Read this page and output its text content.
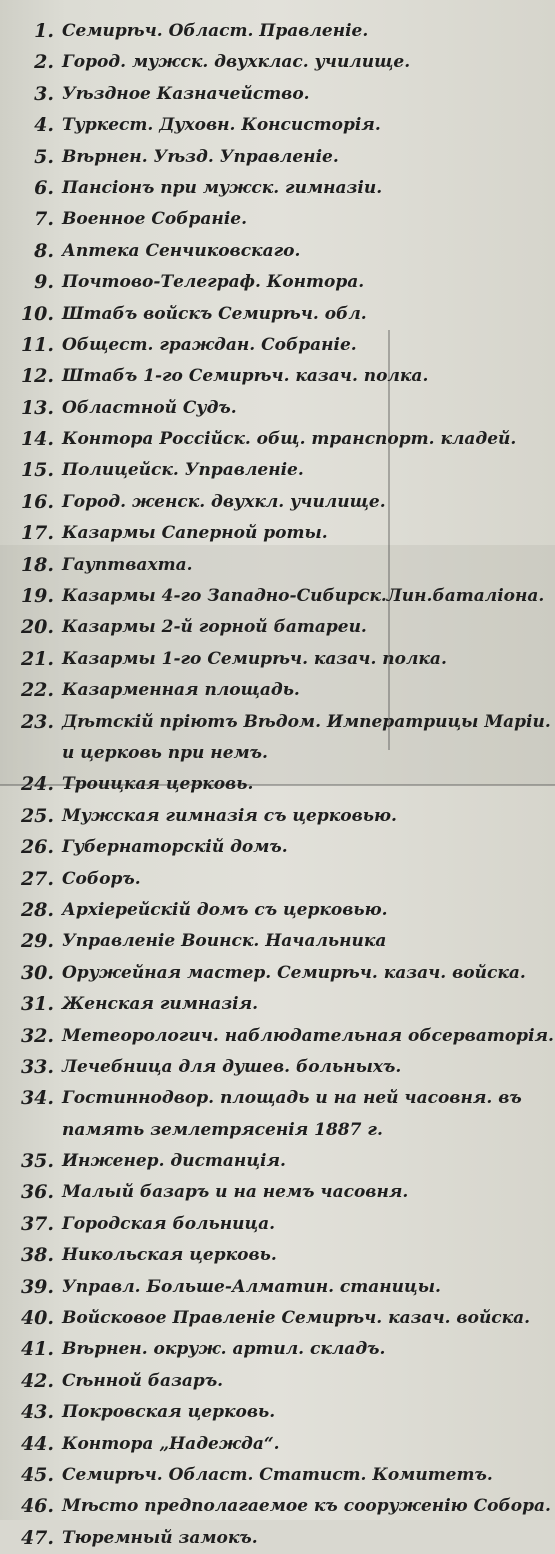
1. Семирѣч. Област. Правленіе.
2. Город. мужск. двухклас. училище.
3. Уѣздное Казначейство.
4. Туркест. Духовн. Консисторія.
5. Вѣрнен. Уѣзд. Управленіе.
6. Пансіонъ при мужск. гимназіи.
7. Военное Собраніе.
8. Аптека Сенчиковскаго.
9. Почтово-Телеграф. Контора.
10. Штабъ войскъ Семирѣч. обл.
11. Общест. граждан. Собраніе.
12. Штабъ 1-го Семирѣч. казач. полка.
13. Областной Судъ.
14. Контора Россійск. общ. транспорт. кладей.
15. Полицейск. Управленіе.
16. Город. женск. двухкл. училище.
17. Казармы Саперной роты.
18. Гауптвахта.
19. Казармы 4-го Западно-Сибирск.Лин.баталіона.
20. Казармы 2-й горной батареи.
21. Казармы 1-го Семирѣч. казач. полка.
22. Казарменная площадь.
23. Дѣтскій пріютъ Вѣдом. Императрицы Маріи.
и церковь при немъ.
24. Троицкая церковь.
25. Мужская гимназія съ церковью.
26. Губернаторскій домъ.
27. Соборъ.
28. Архіерейскій домъ съ церковью.
29. Управленіе Воинск. Начальника
30. Оружейная мастер. Семирѣч. казач. войска.
31. Женская гимназія.
32. Метеорологич. наблюдательная обсерваторія.
33. Лечебница для душев. больныхъ.
34. Гостиннодвор. площадь и на ней часовня. въ
память землетрясенія 1887 г.
35. Инженер. дистанція.
36. Малый базаръ и на немъ часовня.
37. Городская больница.
38. Никольская церковь.
39. Управл. Больше-Алматин. станицы.
40. Войсковое Правленіе Семирѣч. казач. войска.
41. Вѣрнен. окруж. артил. складъ.
42. Сѣнной базаръ.
43. Покровская церковь.
44. Контора „Надежда“.
45. Семирѣч. Област. Статист. Комитетъ.
46. Мѣсто предполагаемое къ сооруженію Собора.
47. Тюремный замокъ.
